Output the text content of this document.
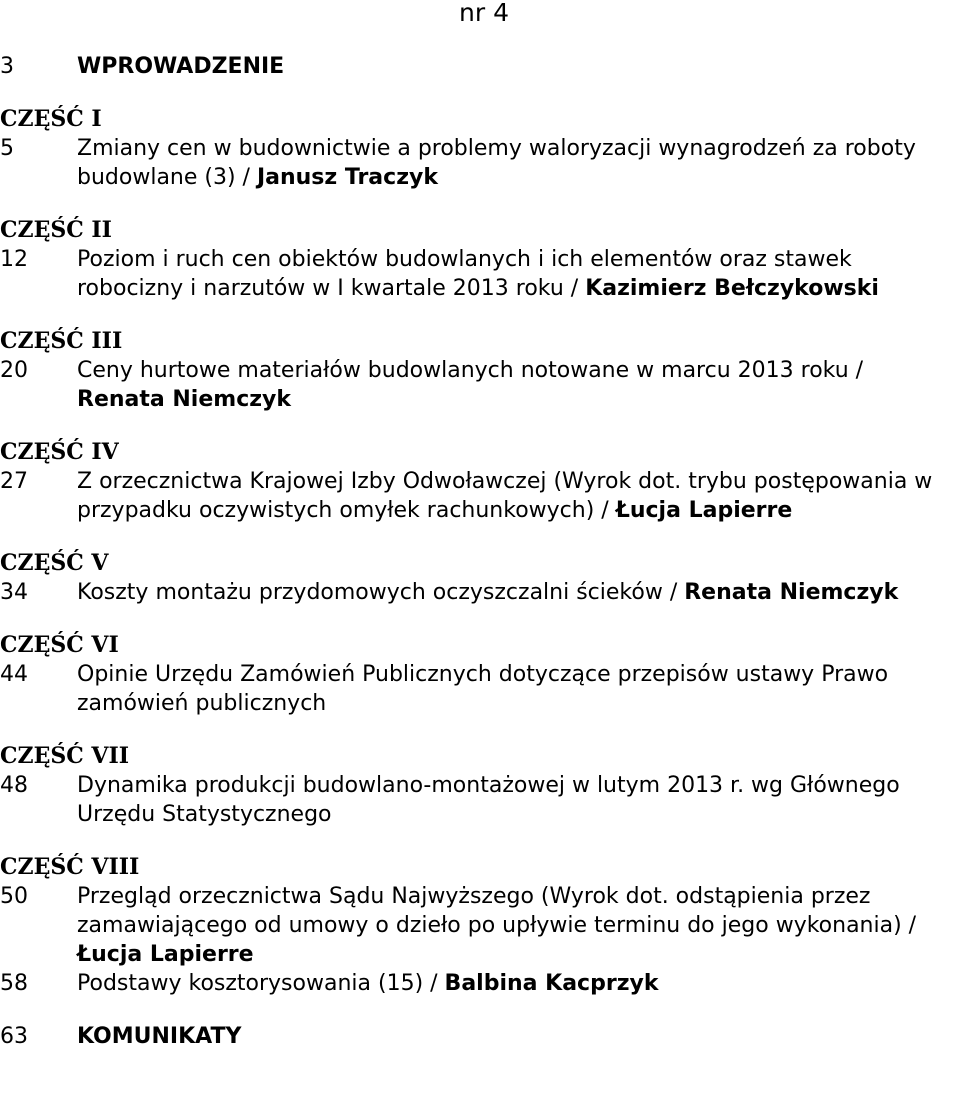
nr 4
3	WPROWADZENIE
CZĘŚĆ I
5	Zmiany cen w budownictwie a problemy waloryzacji wynagrodzeń za roboty budowlane (3) / Janusz Traczyk
CZĘŚĆ II
12	Poziom i ruch cen obiektów budowlanych i ich elementów oraz stawek robocizny i narzutów w I kwartale 2013 roku / Kazimierz Bełczykowski
CZĘŚĆ III
20	Ceny hurtowe materiałów budowlanych notowane w marcu 2013 roku / Renata Niemczyk
CZĘŚĆ IV
27	Z orzecznictwa Krajowej Izby Odwoławczej (Wyrok dot. trybu postępowania w przypadku oczywistych omyłek rachunkowych) / Łucja Lapierre
CZĘŚĆ V
34	Koszty montażu przydomowych oczyszczalni ścieków / Renata Niemczyk
CZĘŚĆ VI
44	Opinie Urzędu Zamówień Publicznych dotyczące przepisów ustawy Prawo zamówień publicznych
CZĘŚĆ VII
48	Dynamika produkcji budowlano-montażowej w lutym 2013 r. wg Głównego Urzędu Statystycznego
CZĘŚĆ VIII
50	Przegląd orzecznictwa Sądu Najwyższego (Wyrok dot. odstąpienia przez zamawiającego od umowy o dzieło po upływie terminu do jego wykonania) / Łucja Lapierre
58	Podstawy kosztorysowania (15) / Balbina Kacprzyk
63	KOMUNIKATY
